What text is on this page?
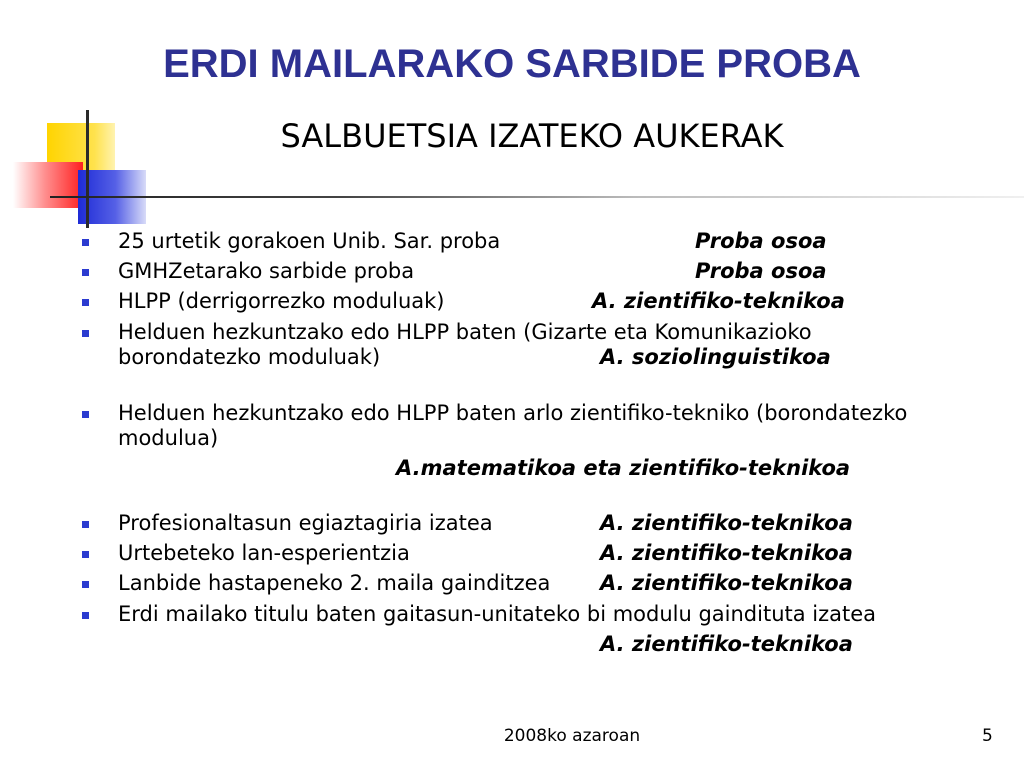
ERDI MAILARAKO SARBIDE PROBA
SALBUETSIA IZATEKO AUKERAK
25 urtetik gorakoen Unib. Sar. proba	Proba osoa
GMHZetarako sarbide proba	Proba osoa
HLPP (derrigorrezko moduluak)	A. zientifiko-teknikoa
Helduen hezkuntzako edo HLPP baten (Gizarte eta Komunikazioko
borondatezko moduluak)	A. soziolinguistikoa
Helduen hezkuntzako edo HLPP baten arlo zientifiko-tekniko (borondatezko
modulua)
A.matematikoa eta zientifiko-teknikoa
Profesionaltasun egiaztagiria izatea	A. zientifiko-teknikoa
Urtebeteko lan-esperientzia	A. zientifiko-teknikoa
Lanbide hastapeneko 2. maila gainditzea A. zientifiko-teknikoa
Erdi mailako titulu baten gaitasun-unitateko bi modulu gaindituta izatea
A. zientifiko-teknikoa
2008ko azaroan	5
